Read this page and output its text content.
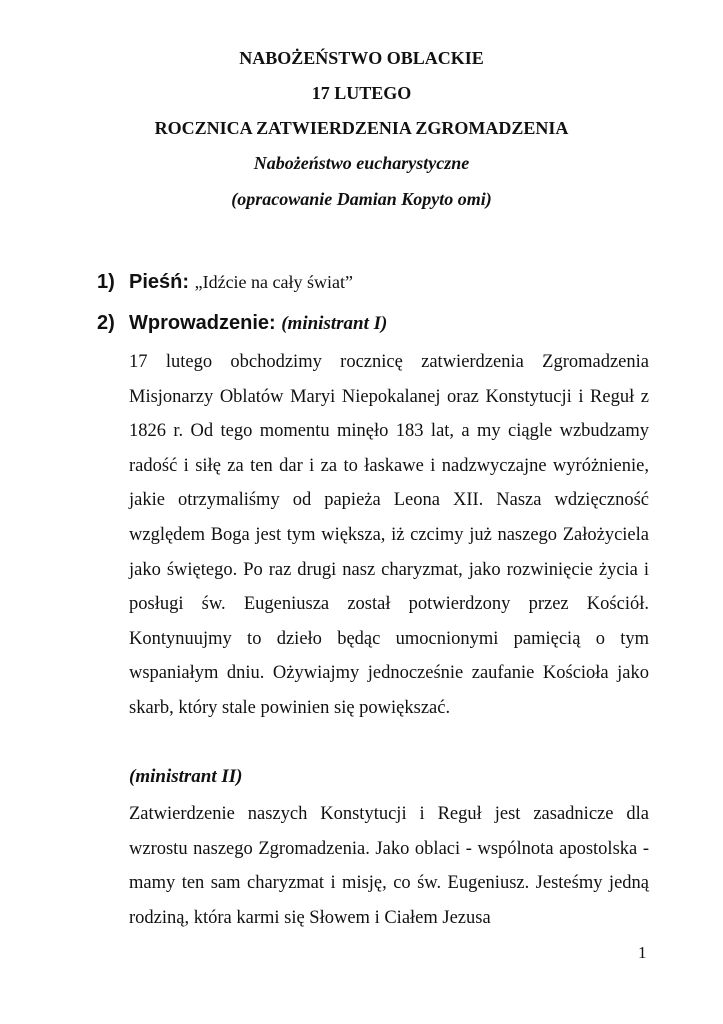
NABOŻEŃSTWO OBLACKIE

17 LUTEGO

ROCZNICA ZATWIERDZENIA ZGROMADZENIA

Nabożeństwo eucharystyczne

(opracowanie Damian Kopyto omi)

1) Pieśń: „Idźcie na cały świat”

2) Wprowadzenie: (ministrant I)

17 lutego obchodzimy rocznicę zatwierdzenia Zgromadzenia Misjonarzy Oblatów Maryi Niepokalanej oraz Konstytucji i Reguł z 1826 r. Od tego momentu minęło 183 lat, a my ciągle wzbudzamy radość i siłę za ten dar i za to łaskawe i nadzwyczajne wyróżnienie, jakie otrzymaliśmy od papieża Leona XII. Nasza wdzięczność względem Boga jest tym większa, iż czcimy już naszego Założyciela jako świętego. Po raz drugi nasz charyzmat, jako rozwinięcie życia i posługi św. Eugeniusza został potwierdzony przez Kościół. Kontynuujmy to dzieło będąc umocnionymi pamięcią o tym wspaniałym dniu. Ożywiajmy jednocześnie zaufanie Kościoła jako skarb, który stale powinien się powiększać.

(ministrant II)

Zatwierdzenie naszych Konstytucji i Reguł jest zasadnicze dla wzrostu naszego Zgromadzenia. Jako oblaci - wspólnota apostolska - mamy ten sam charyzmat i misję, co św. Eugeniusz. Jesteśmy jedną rodziną, która karmi się Słowem i Ciałem Jezusa

1
